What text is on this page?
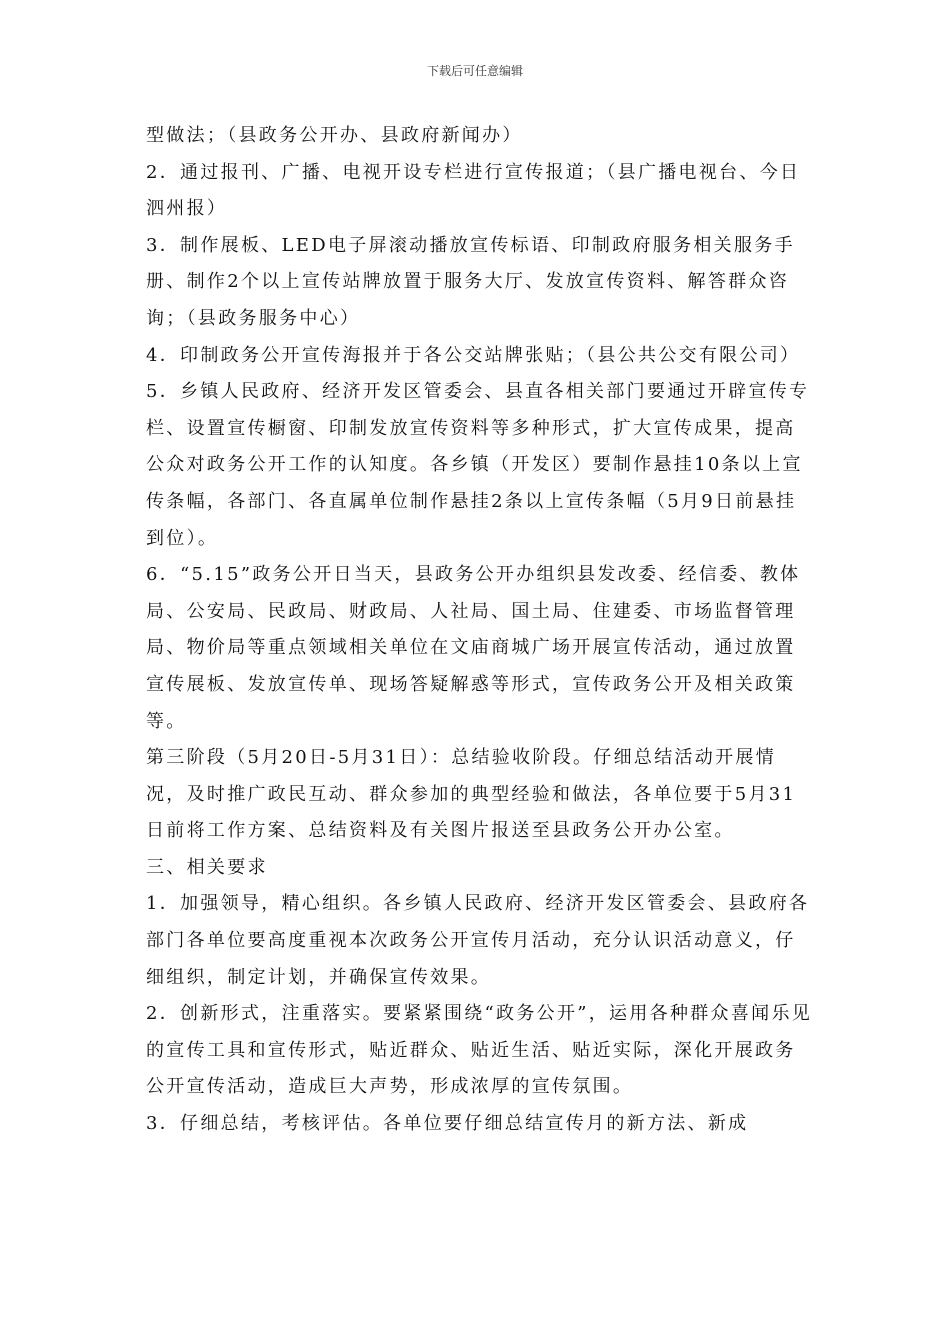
下载后可任意编辑

型做法；（县政务公开办、县政府新闻办）

2．通过报刊、广播、电视开设专栏进行宣传报道；（县广播电视台、今日泗州报）

3．制作展板、LED电子屏滚动播放宣传标语、印制政府服务相关服务手册、制作2个以上宣传站牌放置于服务大厅、发放宣传资料、解答群众咨询；（县政务服务中心）

4．印制政务公开宣传海报并于各公交站牌张贴；（县公共公交有限公司）

5．乡镇人民政府、经济开发区管委会、县直各相关部门要通过开辟宣传专栏、设置宣传橱窗、印制发放宣传资料等多种形式，扩大宣传成果，提高公众对政务公开工作的认知度。各乡镇（开发区）要制作悬挂10条以上宣传条幅，各部门、各直属单位制作悬挂2条以上宣传条幅（5月9日前悬挂到位）。

6．“5.15”政务公开日当天，县政务公开办组织县发改委、经信委、教体局、公安局、民政局、财政局、人社局、国土局、住建委、市场监督管理局、物价局等重点领域相关单位在文庙商城广场开展宣传活动，通过放置宣传展板、发放宣传单、现场答疑解惑等形式，宣传政务公开及相关政策等。

第三阶段（5月20日-5月31日）：总结验收阶段。仔细总结活动开展情况，及时推广政民互动、群众参加的典型经验和做法，各单位要于5月31日前将工作方案、总结资料及有关图片报送至县政务公开办公室。

三、相关要求

1．加强领导，精心组织。各乡镇人民政府、经济开发区管委会、县政府各部门各单位要高度重视本次政务公开宣传月活动，充分认识活动意义，仔细组织，制定计划，并确保宣传效果。

2．创新形式，注重落实。要紧紧围绕“政务公开”，运用各种群众喜闻乐见的宣传工具和宣传形式，贴近群众、贴近生活、贴近实际，深化开展政务公开宣传活动，造成巨大声势，形成浓厚的宣传氛围。

3．仔细总结，考核评估。各单位要仔细总结宣传月的新方法、新成
